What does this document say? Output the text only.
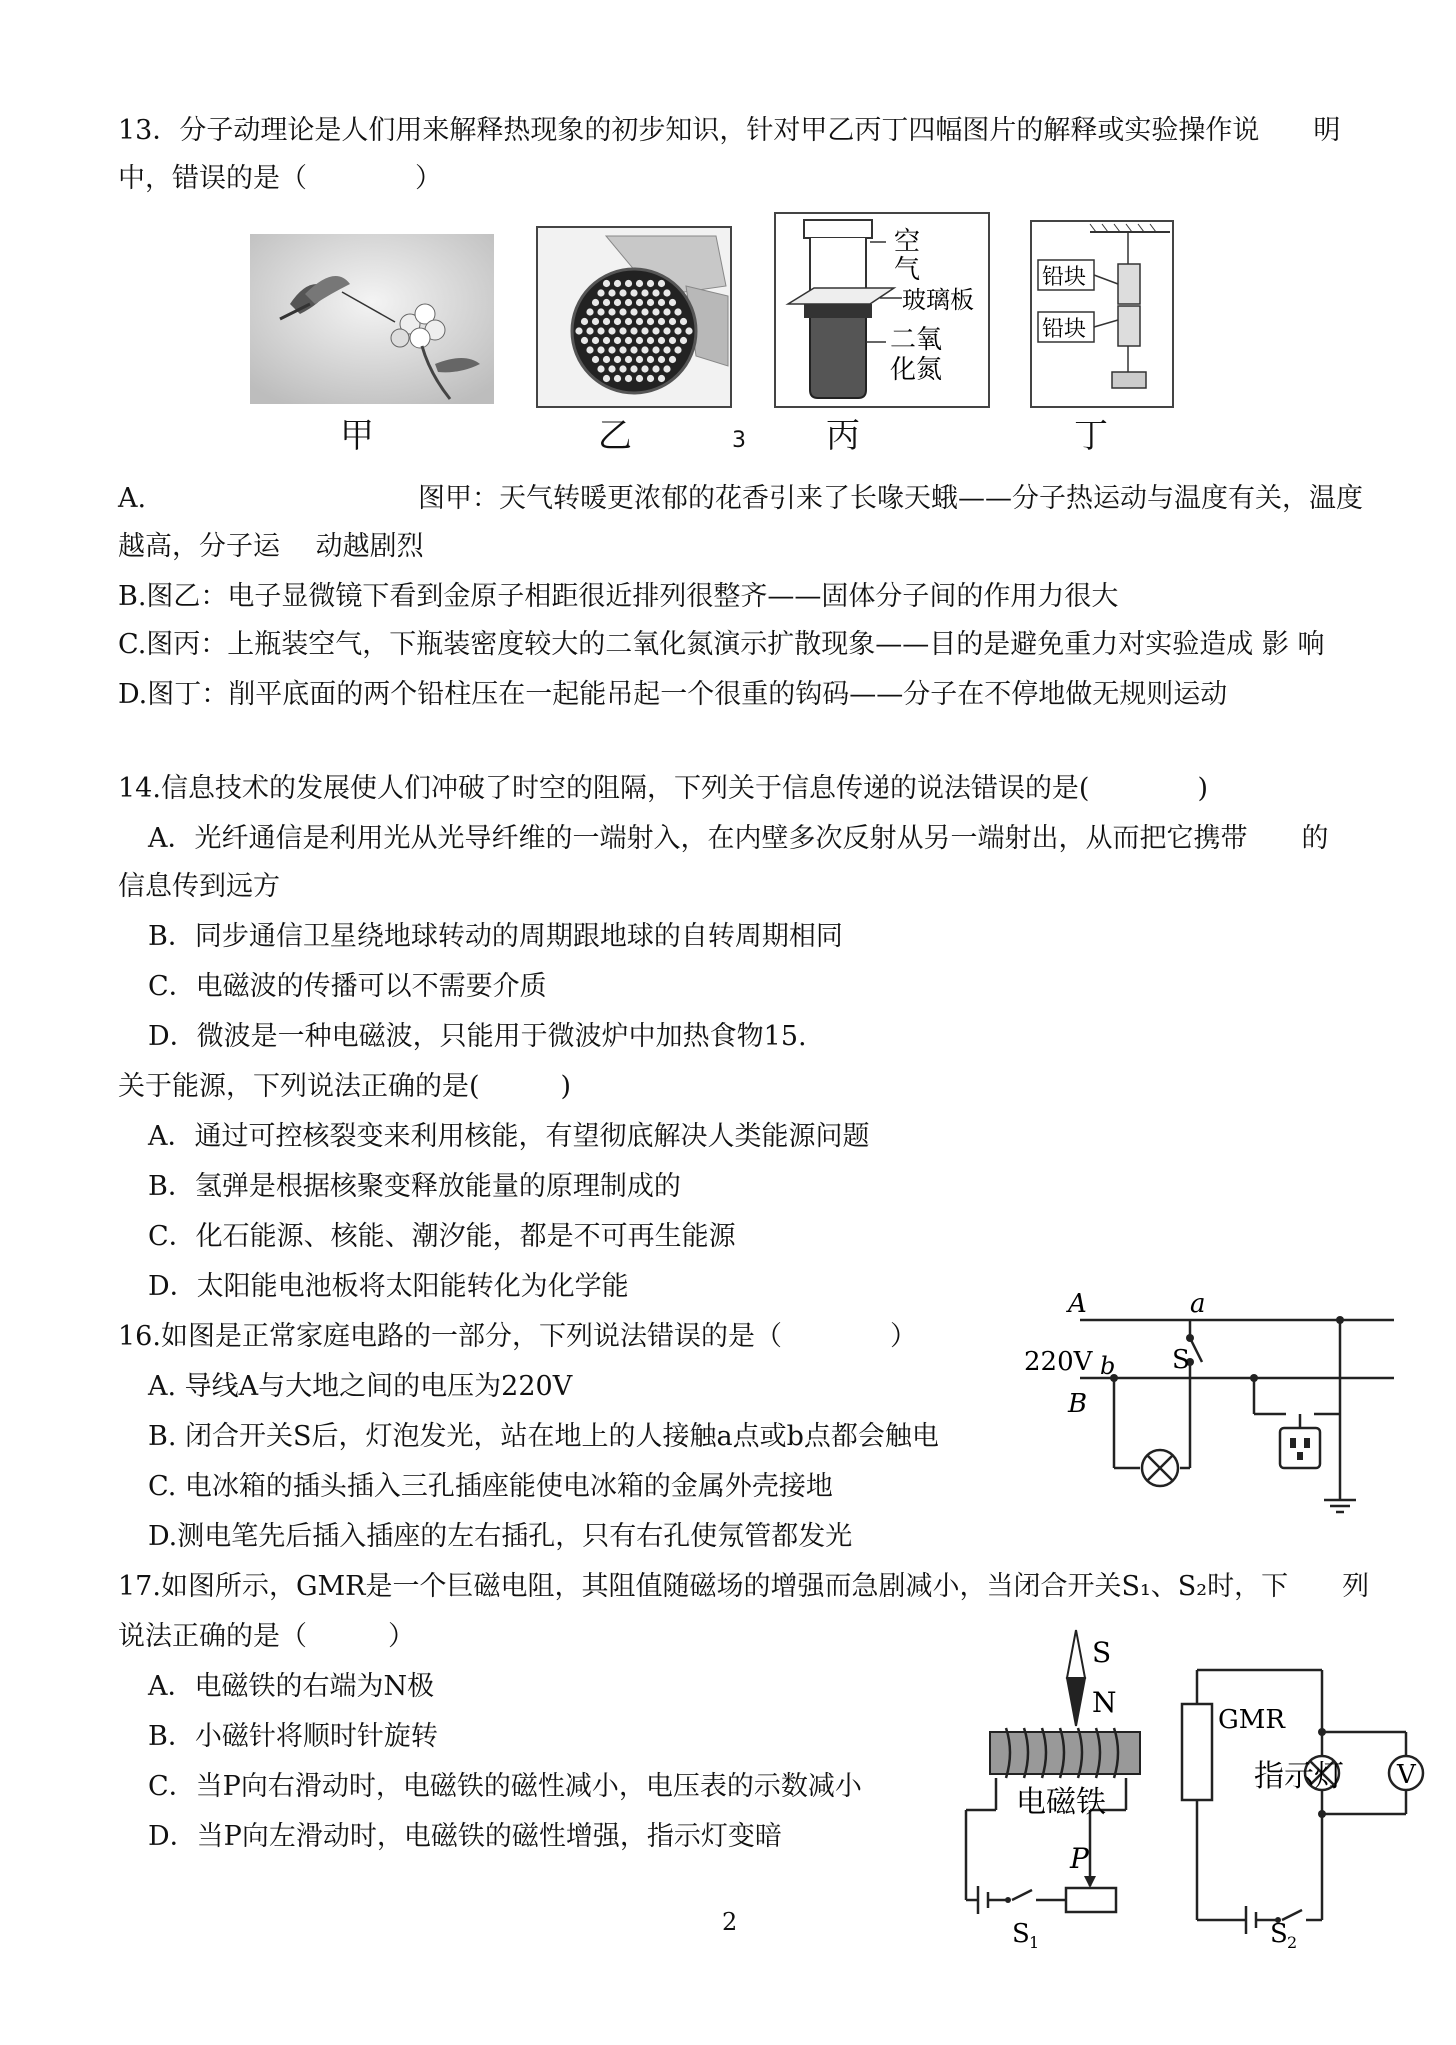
13．分子动理论是人们用来解释热现象的初步知识，针对甲乙丙丁四幅图片的解释或实验操作说　　明
中，错误的是（　　　　）
空
气
玻璃板
二氧
化氮
铅块
铅块
甲	乙	3 丙	丁
A.	图甲：天气转暖更浓郁的花香引来了长喙天蛾——分子热运动与温度有关，温度
越高，分子运　 动越剧烈
B.图乙：电子显微镜下看到金原子相距很近排列很整齐——固体分子间的作用力很大
C.图丙：上瓶装空气，下瓶装密度较大的二氧化氮演示扩散现象——目的是避免重力对实验造成 影 响
D.图丁：削平底面的两个铅柱压在一起能吊起一个很重的钩码——分子在不停地做无规则运动
14.信息技术的发展使人们冲破了时空的阻隔，下列关于信息传递的说法错误的是(　　　　)
A．光纤通信是利用光从光导纤维的一端射入，在内壁多次反射从另一端射出，从而把它携带　　的
信息传到远方
B．同步通信卫星绕地球转动的周期跟地球的自转周期相同
C．电磁波的传播可以不需要介质
D．微波是一种电磁波，只能用于微波炉中加热食物15.
关于能源，下列说法正确的是(　　　)
A．通过可控核裂变来利用核能，有望彻底解决人类能源问题
B．氢弹是根据核聚变释放能量的原理制成的
C．化石能源、核能、潮汐能，都是不可再生能源
D．太阳能电池板将太阳能转化为化学能
16.如图是正常家庭电路的一部分，下列说法错误的是（　　　　）
A. 导线A与大地之间的电压为220V
B. 闭合开关S后，灯泡发光，站在地上的人接触a点或b点都会触电
C. 电冰箱的插头插入三孔插座能使电冰箱的金属外壳接地
D.测电笔先后插入插座的左右插孔，只有右孔使氖管都发光
A	a
220V b S
B
17.如图所示，GMR是一个巨磁电阻，其阻值随磁场的增强而急剧减小，当闭合开关S₁、S₂时，下　　列
说法正确的是（　　　）
A．电磁铁的右端为N极
B．小磁针将顺时针旋转
C．当P向右滑动时，电磁铁的磁性减小，电压表的示数减小
D．当P向左滑动时，电磁铁的磁性增强，指示灯变暗
S
N
GMR
电磁铁
指示灯 V
P
S 1	S 2
2
